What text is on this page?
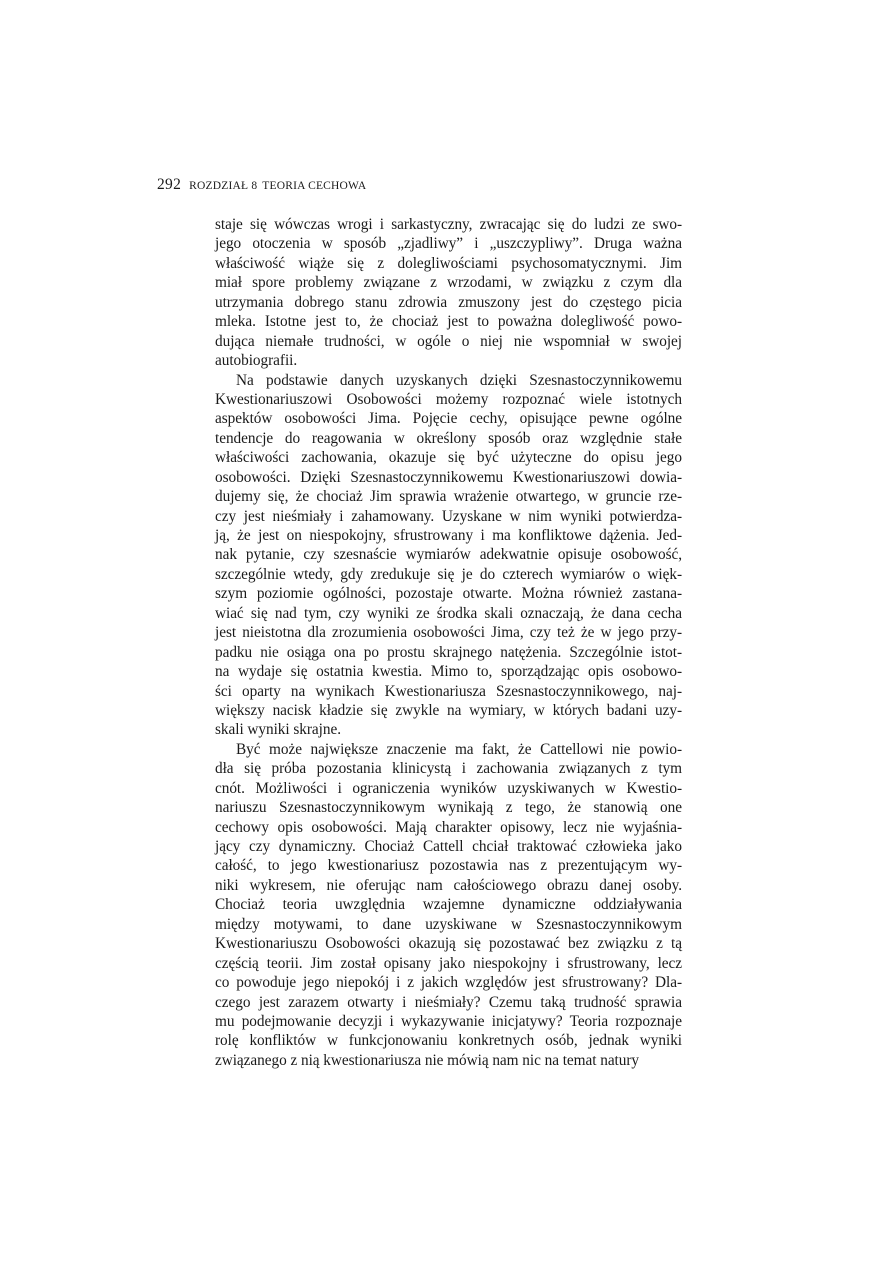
292 ROZDZIAŁ 8 TEORIA CECHOWA
staje się wówczas wrogi i sarkastyczny, zwracając się do ludzi ze swo-
jego otoczenia w sposób „zjadliwy” i „uszczypliwy”. Druga ważna
właściwość wiąże się z dolegliwościami psychosomatycznymi. Jim
miał spore problemy związane z wrzodami, w związku z czym dla
utrzymania dobrego stanu zdrowia zmuszony jest do częstego picia
mleka. Istotne jest to, że chociaż jest to poważna dolegliwość powo-
dująca niemałe trudności, w ogóle o niej nie wspomniał w swojej
autobiografii.
Na podstawie danych uzyskanych dzięki Szesnastoczynnikowemu
Kwestionariuszowi Osobowości możemy rozpoznać wiele istotnych
aspektów osobowości Jima. Pojęcie cechy, opisujące pewne ogólne
tendencje do reagowania w określony sposób oraz względnie stałe
właściwości zachowania, okazuje się być użyteczne do opisu jego
osobowości. Dzięki Szesnastoczynnikowemu Kwestionariuszowi dowia-
dujemy się, że chociaż Jim sprawia wrażenie otwartego, w gruncie rze-
czy jest nieśmiały i zahamowany. Uzyskane w nim wyniki potwierdza-
ją, że jest on niespokojny, sfrustrowany i ma konfliktowe dążenia. Jed-
nak pytanie, czy szesnaście wymiarów adekwatnie opisuje osobowość,
szczególnie wtedy, gdy zredukuje się je do czterech wymiarów o więk-
szym poziomie ogólności, pozostaje otwarte. Można również zastana-
wiać się nad tym, czy wyniki ze środka skali oznaczają, że dana cecha
jest nieistotna dla zrozumienia osobowości Jima, czy też że w jego przy-
padku nie osiąga ona po prostu skrajnego natężenia. Szczególnie istot-
na wydaje się ostatnia kwestia. Mimo to, sporządzając opis osobowo-
ści oparty na wynikach Kwestionariusza Szesnastoczynnikowego, naj-
większy nacisk kładzie się zwykle na wymiary, w których badani uzy-
skali wyniki skrajne.
Być może największe znaczenie ma fakt, że Cattellowi nie powio-
dła się próba pozostania klinicystą i zachowania związanych z tym
cnót. Możliwości i ograniczenia wyników uzyskiwanych w Kwestio-
nariuszu Szesnastoczynnikowym wynikają z tego, że stanowią one
cechowy opis osobowości. Mają charakter opisowy, lecz nie wyjaśnia-
jący czy dynamiczny. Chociaż Cattell chciał traktować człowieka jako
całość, to jego kwestionariusz pozostawia nas z prezentującym wy-
niki wykresem, nie oferując nam całościowego obrazu danej osoby.
Chociaż teoria uwzględnia wzajemne dynamiczne oddziaływania
między motywami, to dane uzyskiwane w Szesnastoczynnikowym
Kwestionariuszu Osobowości okazują się pozostawać bez związku z tą
częścią teorii. Jim został opisany jako niespokojny i sfrustrowany, lecz
co powoduje jego niepokój i z jakich względów jest sfrustrowany? Dla-
czego jest zarazem otwarty i nieśmiały? Czemu taką trudność sprawia
mu podejmowanie decyzji i wykazywanie inicjatywy? Teoria rozpoznaje
rolę konfliktów w funkcjonowaniu konkretnych osób, jednak wyniki
związanego z nią kwestionariusza nie mówią nam nic na temat natury
